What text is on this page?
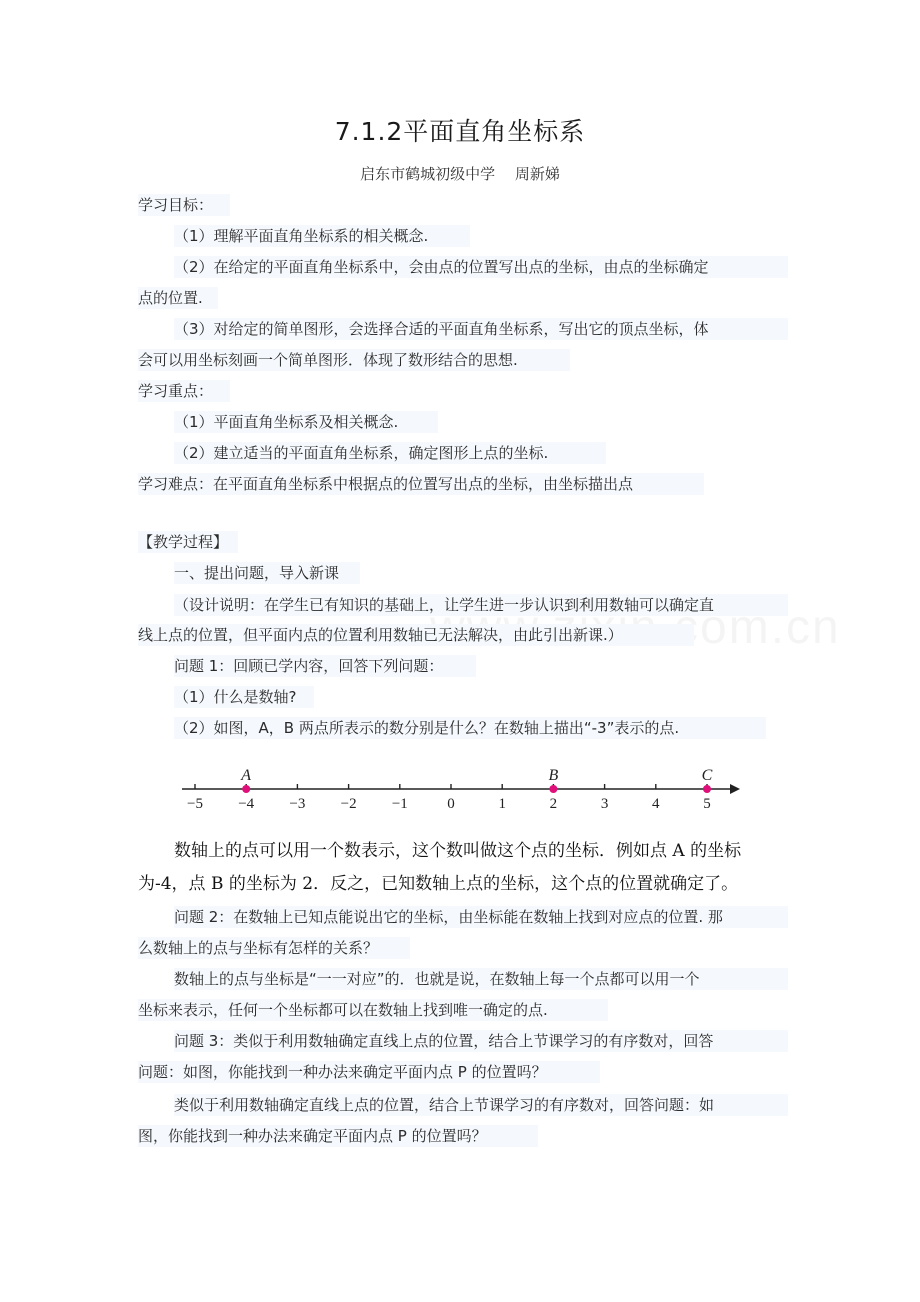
7.1.2平面直角坐标系
启东市鹤城初级中学　 周新娣
学习目标：
（1）理解平面直角坐标系的相关概念.
（2）在给定的平面直角坐标系中，会由点的位置写出点的坐标，由点的坐标确定
点的位置.
（3）对给定的简单图形，会选择合适的平面直角坐标系，写出它的顶点坐标，体
会可以用坐标刻画一个简单图形．体现了数形结合的思想.
学习重点：
（1）平面直角坐标系及相关概念.
（2）建立适当的平面直角坐标系，确定图形上点的坐标.
学习难点：在平面直角坐标系中根据点的位置写出点的坐标，由坐标描出点
【教学过程】
一、提出问题，导入新课
（设计说明：在学生已有知识的基础上，让学生进一步认识到利用数轴可以确定直
线上点的位置，但平面内点的位置利用数轴已无法解决，由此引出新课.）
问题 1：回顾已学内容，回答下列问题：
（1）什么是数轴?
（2）如图，A，B 两点所表示的数分别是什么？在数轴上描出“-3”表示的点.
−5 −4 −3 −2 −1	0	1	2	3	4	5
A	B	C
数轴上的点可以用一个数表示，这个数叫做这个点的坐标．例如点 A 的坐标
为-4，点 B 的坐标为 2．反之，已知数轴上点的坐标，这个点的位置就确定了。
问题 2：在数轴上已知点能说出它的坐标，由坐标能在数轴上找到对应点的位置. 那
么数轴上的点与坐标有怎样的关系？
数轴上的点与坐标是“一一对应”的．也就是说，在数轴上每一个点都可以用一个
坐标来表示，任何一个坐标都可以在数轴上找到唯一确定的点.
问题 3：类似于利用数轴确定直线上点的位置，结合上节课学习的有序数对，回答
问题：如图，你能找到一种办法来确定平面内点 P 的位置吗？
类似于利用数轴确定直线上点的位置，结合上节课学习的有序数对，回答问题：如
图，你能找到一种办法来确定平面内点 P 的位置吗？
